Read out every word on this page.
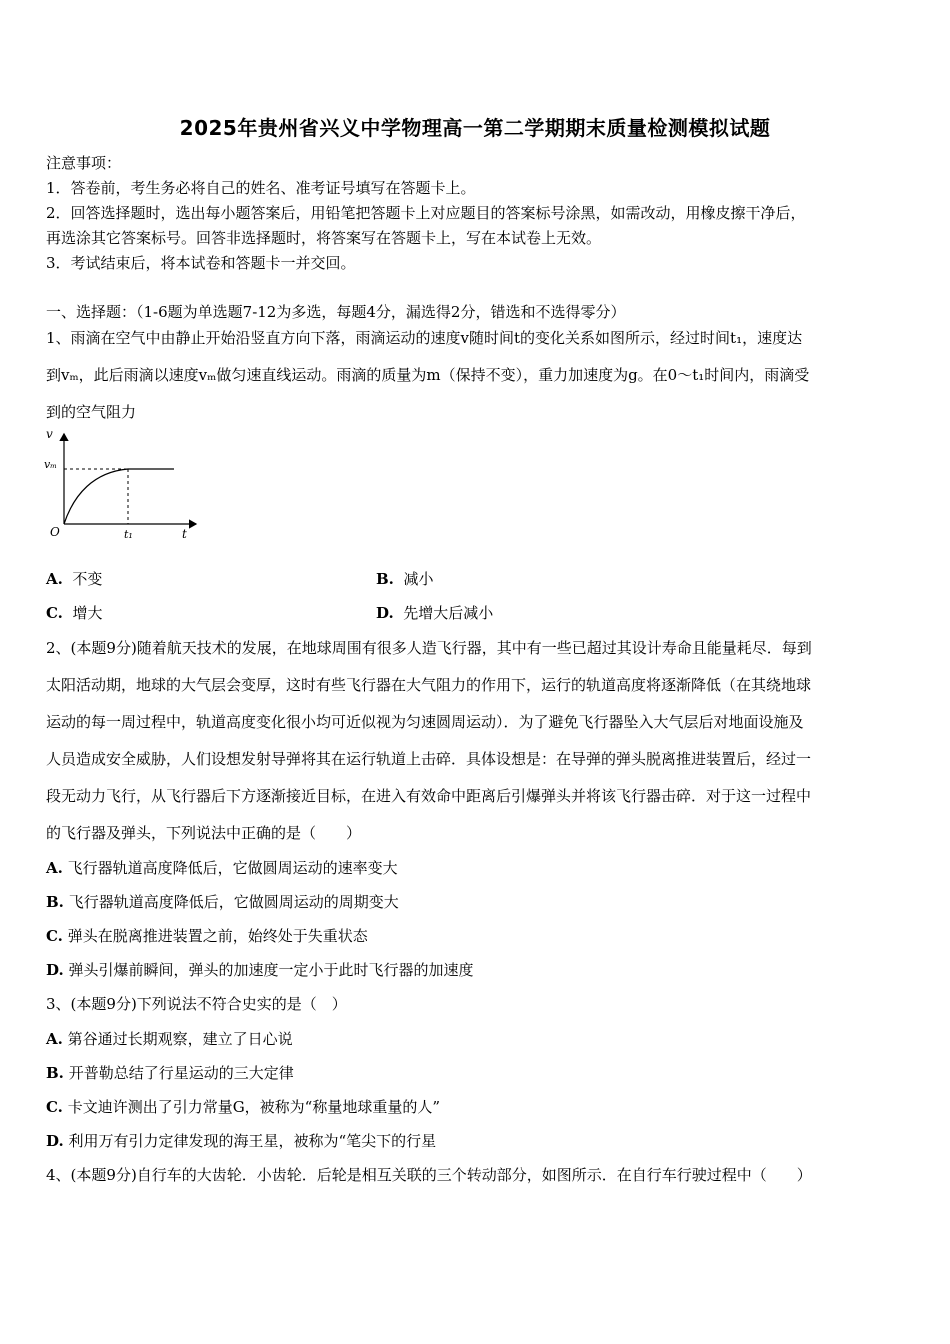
2025年贵州省兴义中学物理高一第二学期期末质量检测模拟试题
注意事项：
1．答卷前，考生务必将自己的姓名、准考证号填写在答题卡上。
2．回答选择题时，选出每小题答案后，用铅笔把答题卡上对应题目的答案标号涂黑，如需改动，用橡皮擦干净后，
再选涂其它答案标号。回答非选择题时，将答案写在答题卡上，写在本试卷上无效。
3．考试结束后，将本试卷和答题卡一并交回。
一、选择题：（1-6题为单选题7-12为多选，每题4分，漏选得2分，错选和不选得零分）
1、雨滴在空气中由静止开始沿竖直方向下落，雨滴运动的速度v随时间t的变化关系如图所示，经过时间t₁，速度达
到vₘ，此后雨滴以速度vₘ做匀速直线运动。雨滴的质量为m（保持不变），重力加速度为g。在0～t₁时间内，雨滴受
到的空气阻力
v
t
O
vₘ
t₁
A. 不变	B. 减小
C. 增大	D. 先增大后减小
2、(本题9分)随着航天技术的发展，在地球周围有很多人造飞行器，其中有一些已超过其设计寿命且能量耗尽．每到
太阳活动期，地球的大气层会变厚，这时有些飞行器在大气阻力的作用下，运行的轨道高度将逐渐降低（在其绕地球
运动的每一周过程中，轨道高度变化很小均可近似视为匀速圆周运动）．为了避免飞行器坠入大气层后对地面设施及
人员造成安全威胁，人们设想发射导弹将其在运行轨道上击碎．具体设想是：在导弹的弹头脱离推进装置后，经过一
段无动力飞行，从飞行器后下方逐渐接近目标，在进入有效命中距离后引爆弹头并将该飞行器击碎．对于这一过程中
的飞行器及弹头，下列说法中正确的是（　　）
A. 飞行器轨道高度降低后，它做圆周运动的速率变大
B. 飞行器轨道高度降低后，它做圆周运动的周期变大
C. 弹头在脱离推进装置之前，始终处于失重状态
D. 弹头引爆前瞬间，弹头的加速度一定小于此时飞行器的加速度
3、(本题9分)下列说法不符合史实的是（　）
A. 第谷通过长期观察，建立了日心说
B. 开普勒总结了行星运动的三大定律
C. 卡文迪许测出了引力常量G，被称为“称量地球重量的人”
D. 利用万有引力定律发现的海王星，被称为“笔尖下的行星
4、(本题9分)自行车的大齿轮．小齿轮．后轮是相互关联的三个转动部分，如图所示．在自行车行驶过程中（　　）
